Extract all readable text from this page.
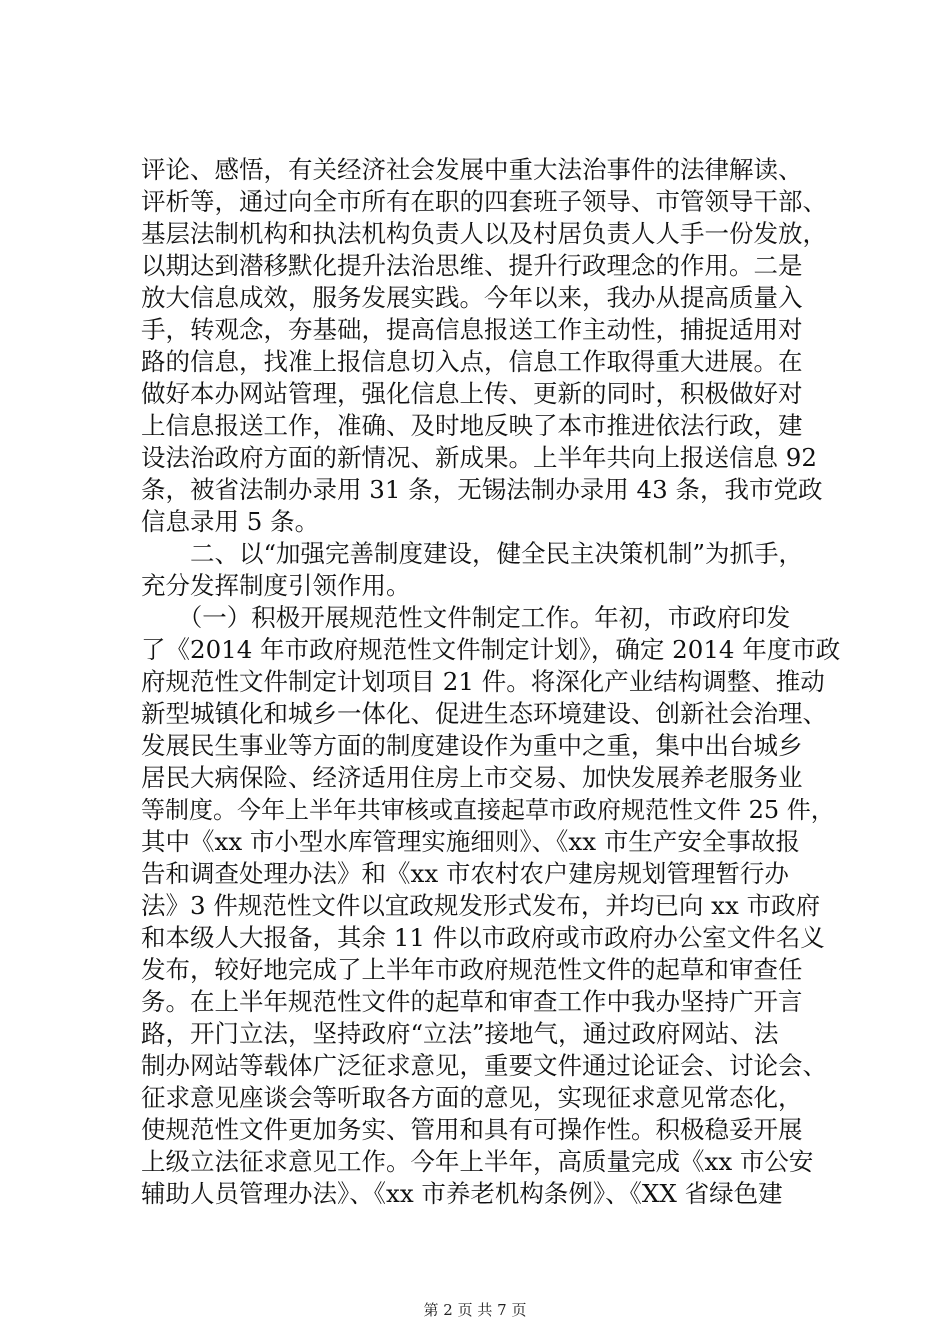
评论、感悟，有关经济社会发展中重大法治事件的法律解读、
评析等，通过向全市所有在职的四套班子领导、市管领导干部、
基层法制机构和执法机构负责人以及村居负责人人手一份发放，
以期达到潜移默化提升法治思维、提升行政理念的作用。二是
放大信息成效，服务发展实践。今年以来，我办从提高质量入
手，转观念，夯基础，提高信息报送工作主动性，捕捉适用对
路的信息，找准上报信息切入点，信息工作取得重大进展。在
做好本办网站管理，强化信息上传、更新的同时，积极做好对
上信息报送工作，准确、及时地反映了本市推进依法行政，建
设法治政府方面的新情况、新成果。上半年共向上报送信息 92
条，被省法制办录用 31 条，无锡法制办录用 43 条，我市党政
信息录用 5 条。
　　二、以“加强完善制度建设，健全民主决策机制”为抓手，
充分发挥制度引领作用。
　　（一）积极开展规范性文件制定工作。年初，市政府印发
了《2014 年市政府规范性文件制定计划》，确定 2014 年度市政
府规范性文件制定计划项目 21 件。将深化产业结构调整、推动
新型城镇化和城乡一体化、促进生态环境建设、创新社会治理、
发展民生事业等方面的制度建设作为重中之重，集中出台城乡
居民大病保险、经济适用住房上市交易、加快发展养老服务业
等制度。今年上半年共审核或直接起草市政府规范性文件 25 件，
其中《xx 市小型水库管理实施细则》、《xx 市生产安全事故报
告和调查处理办法》和《xx 市农村农户建房规划管理暂行办
法》3 件规范性文件以宜政规发形式发布，并均已向 xx 市政府
和本级人大报备，其余 11 件以市政府或市政府办公室文件名义
发布，较好地完成了上半年市政府规范性文件的起草和审查任
务。在上半年规范性文件的起草和审查工作中我办坚持广开言
路，开门立法，坚持政府“立法”接地气，通过政府网站、法
制办网站等载体广泛征求意见，重要文件通过论证会、讨论会、
征求意见座谈会等听取各方面的意见，实现征求意见常态化，
使规范性文件更加务实、管用和具有可操作性。积极稳妥开展
上级立法征求意见工作。今年上半年，高质量完成《xx 市公安
辅助人员管理办法》、《xx 市养老机构条例》、《XX 省绿色建
第 2 页 共 7 页
